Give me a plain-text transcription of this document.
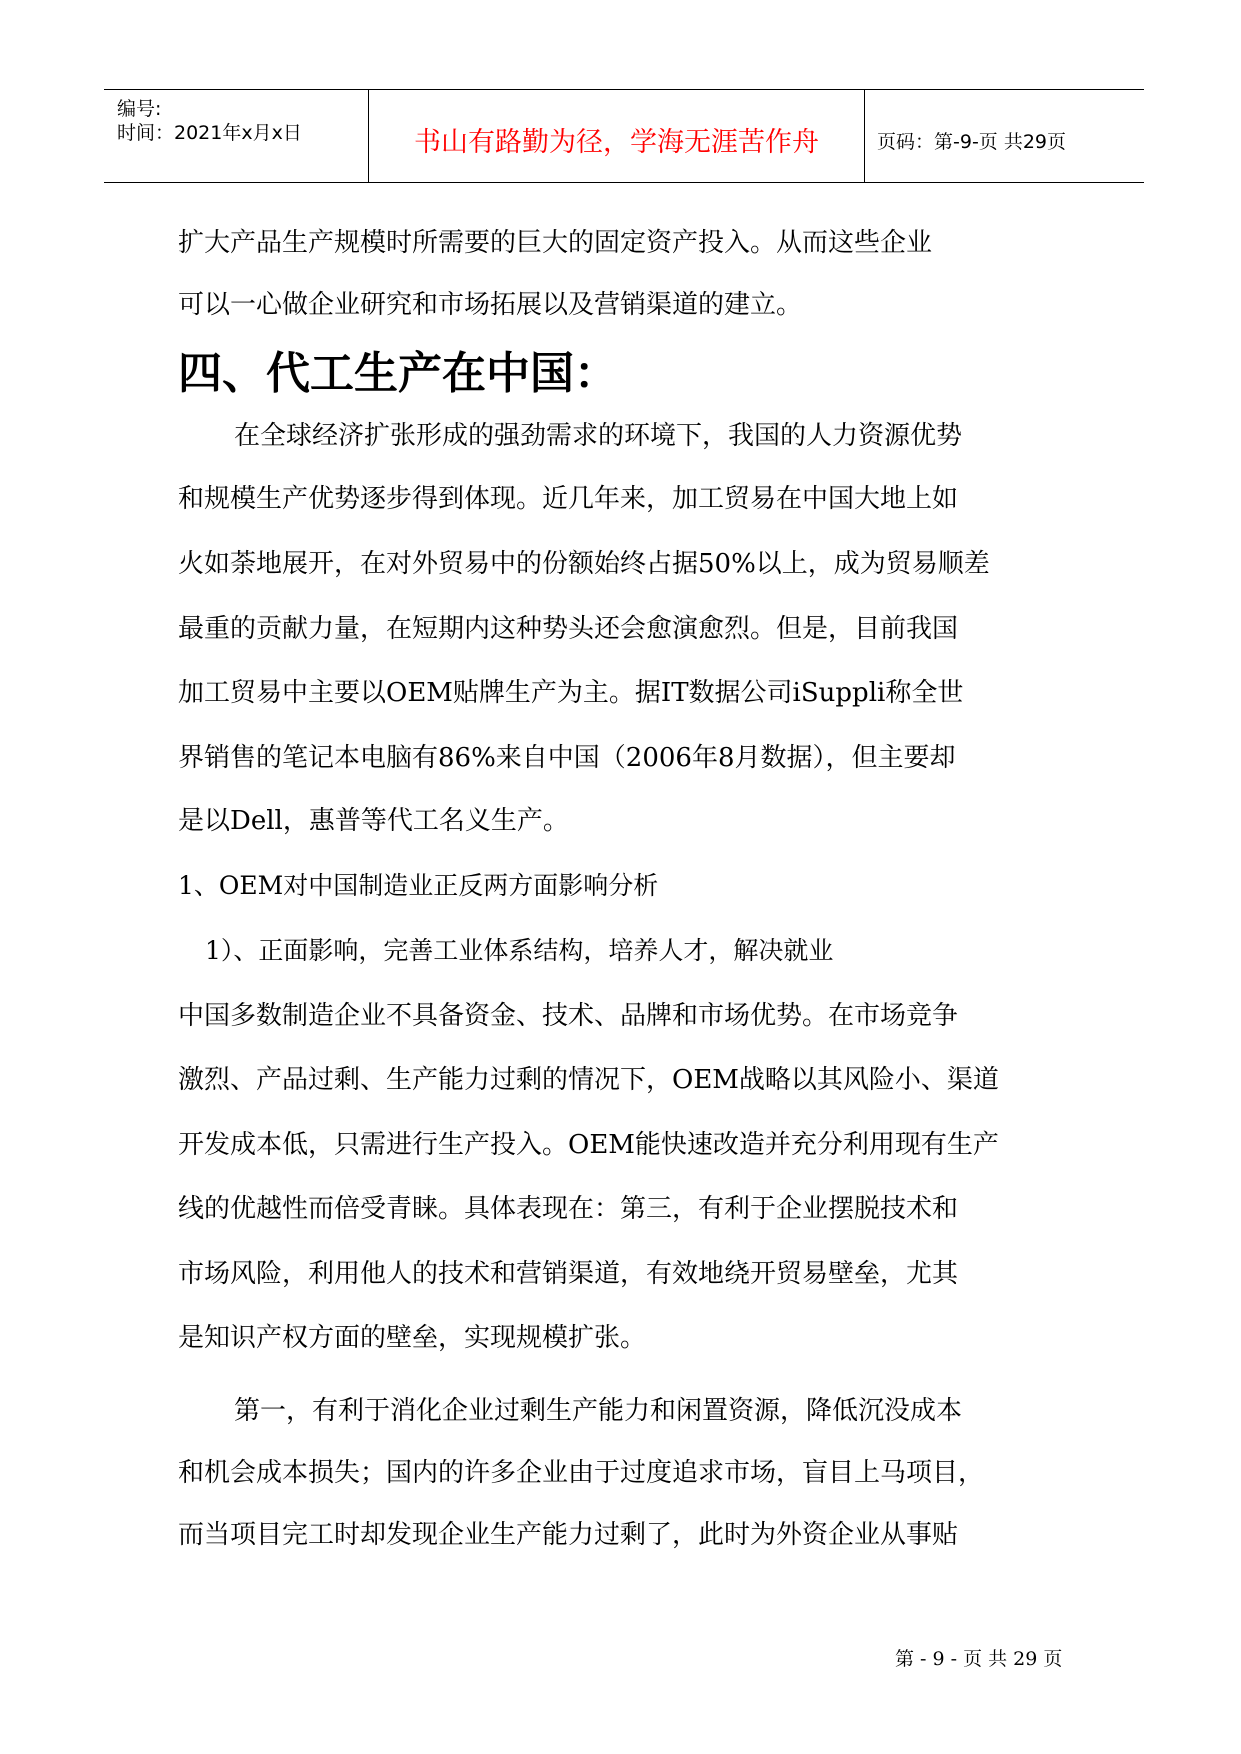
编号:
时间：2021年x月x日	书山有路勤为径，学海无涯苦作舟	页码：第-9-页 共29页
扩大产品生产规模时所需要的巨大的固定资产投入。从而这些企业
可以一心做企业研究和市场拓展以及营销渠道的建立。
四、代工生产在中国：
在全球经济扩张形成的强劲需求的环境下，我国的人力资源优势
和规模生产优势逐步得到体现。近几年来，加工贸易在中国大地上如
火如荼地展开，在对外贸易中的份额始终占据50%以上，成为贸易顺差
最重的贡献力量，在短期内这种势头还会愈演愈烈。但是，目前我国
加工贸易中主要以OEM贴牌生产为主。据IT数据公司iSuppli称全世
界销售的笔记本电脑有86%来自中国（2006年8月数据），但主要却
是以Dell，惠普等代工名义生产。
1、OEM对中国制造业正反两方面影响分析
1）、正面影响，完善工业体系结构，培养人才，解决就业
中国多数制造企业不具备资金、技术、品牌和市场优势。在市场竞争
激烈、产品过剩、生产能力过剩的情况下，OEM战略以其风险小、渠道
开发成本低，只需进行生产投入。OEM能快速改造并充分利用现有生产
线的优越性而倍受青睐。具体表现在：第三，有利于企业摆脱技术和
市场风险，利用他人的技术和营销渠道，有效地绕开贸易壁垒，尤其
是知识产权方面的壁垒，实现规模扩张。
第一，有利于消化企业过剩生产能力和闲置资源，降低沉没成本
和机会成本损失；国内的许多企业由于过度追求市场，盲目上马项目，
而当项目完工时却发现企业生产能力过剩了，此时为外资企业从事贴
第 - 9 - 页 共 29 页
